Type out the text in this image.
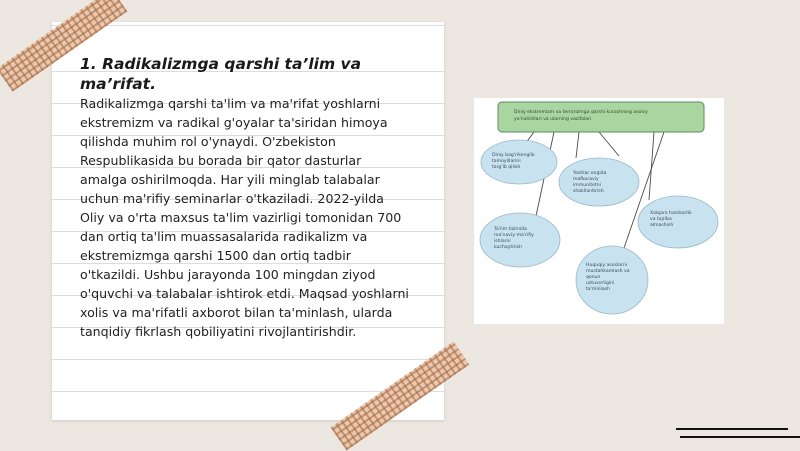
1. Radikalizmga qarshi ta’lim va ma’rifat.

Radikalizmga qarshi ta'lim va ma'rifat yoshlarni ekstremizm va radikal g'oyalar ta'siridan himoya qilishda muhim rol o'ynaydi. O'zbekiston Respublikasida bu borada bir qator dasturlar amalga oshirilmoqda. Har yili minglab talabalar uchun ma'rifiy seminarlar o'tkaziladi. 2022-yilda Oliy va o'rta maxsus ta'lim vazirligi tomonidan 700 dan ortiq ta'lim muassasalarida radikalizm va ekstremizmga qarshi 1500 dan ortiq tadbir o'tkazildi. Ushbu jarayonda 100 mingdan ziyod o'quvchi va talabalar ishtirok etdi. Maqsad yoshlarni xolis va ma'rifatli axborot bilan ta'minlash, ularda tanqidiy fikrlash qobiliyatini rivojlantirishdir.

Diniy ekstremizm va terrorizmga qarshi kurashning asosiy
yo'nalishlari va ularning vazifalari
Diniy bag'rikenglik
tamoyillarini
targ'ib qilish
Yoshlar ongida
mafkuraviy
immunitetni
shakllantirish
Ta'lim tizimida
ma'naviy-ma'rifiy
ishlarni
kuchaytirish
Xalqaro hamkorlik
va tajriba
almashish
Huquqiy asoslarni
mustahkamlash va
qonun
ustuvorligini
ta'minlash
